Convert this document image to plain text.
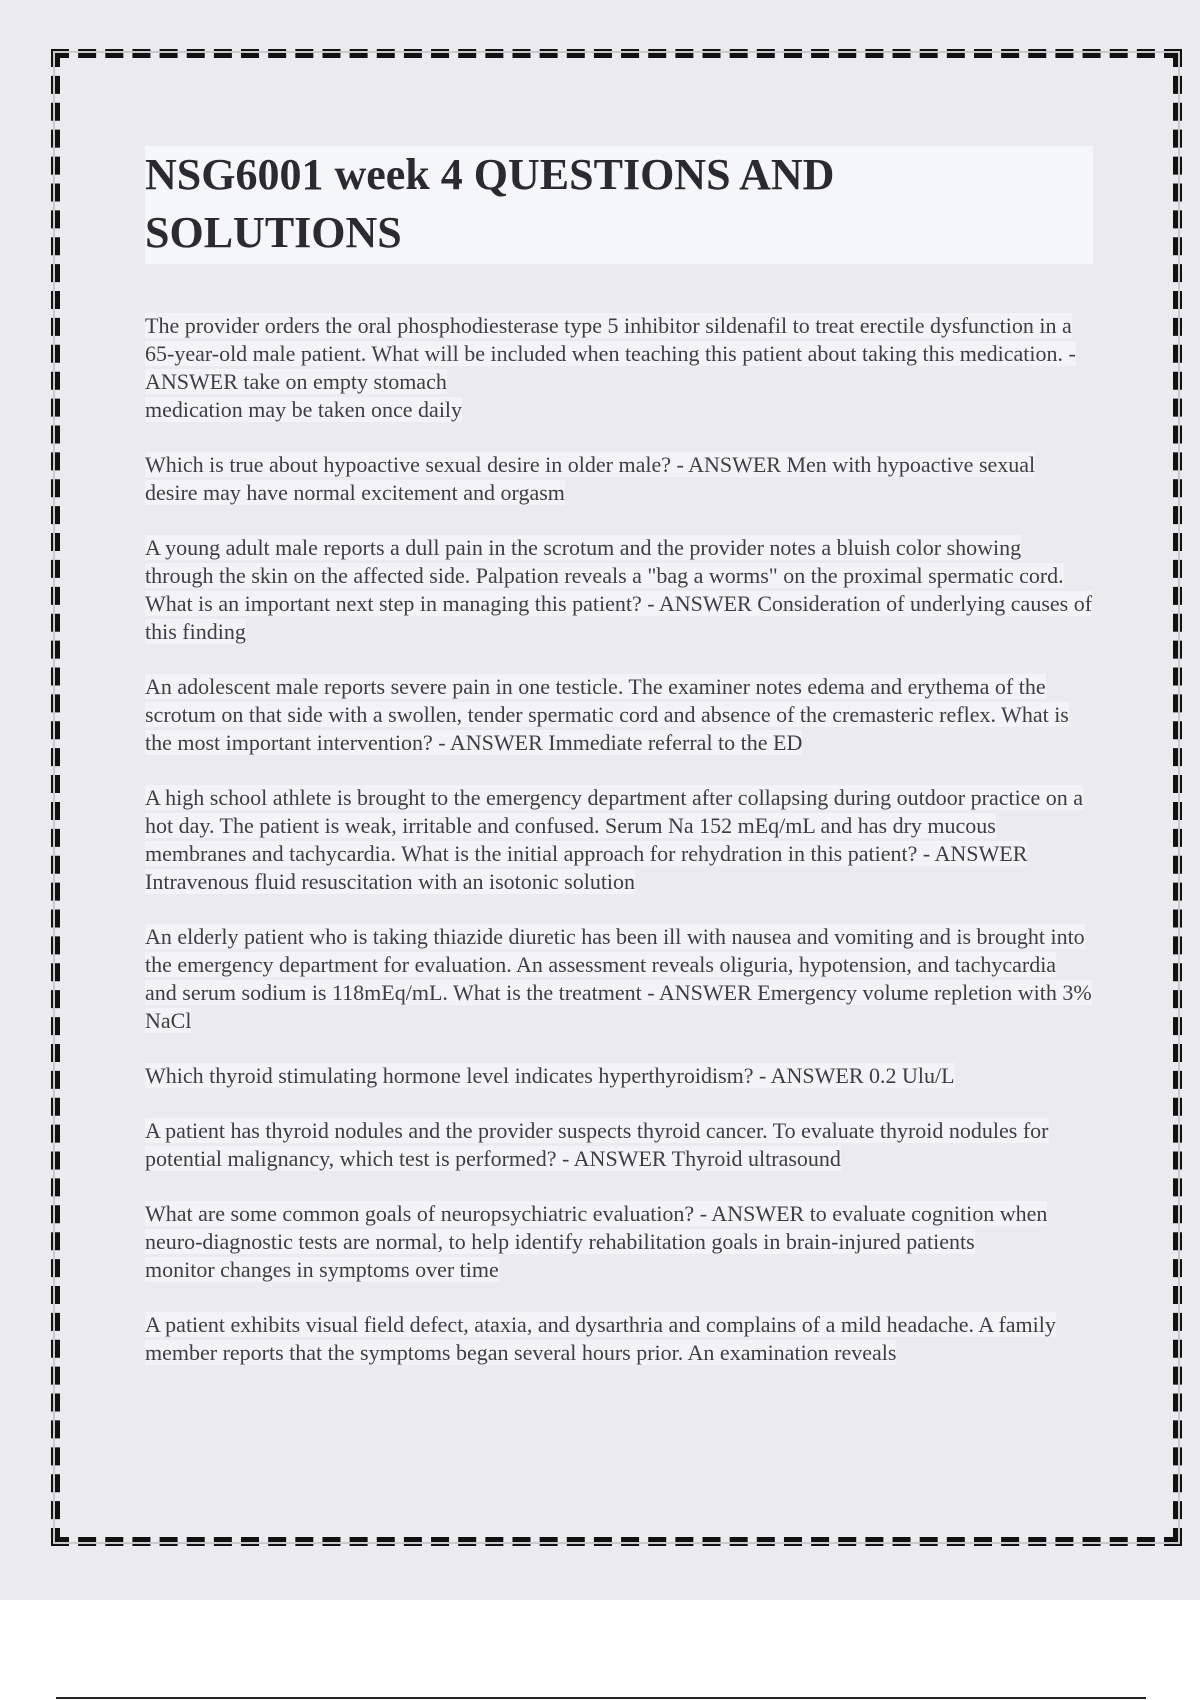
NSG6001 week 4 QUESTIONS AND SOLUTIONS

The provider orders the oral phosphodiesterase type 5 inhibitor sildenafil to treat erectile dysfunction in a 65-year-old male patient. What will be included when teaching this patient about taking this medication. - ANSWER take on empty stomach
medication may be taken once daily

Which is true about hypoactive sexual desire in older male? - ANSWER Men with hypoactive sexual desire may have normal excitement and orgasm

A young adult male reports a dull pain in the scrotum and the provider notes a bluish color showing through the skin on the affected side. Palpation reveals a "bag a worms" on the proximal spermatic cord. What is an important next step in managing this patient? - ANSWER Consideration of underlying causes of this finding

An adolescent male reports severe pain in one testicle. The examiner notes edema and erythema of the scrotum on that side with a swollen, tender spermatic cord and absence of the cremasteric reflex. What is the most important intervention? - ANSWER Immediate referral to the ED

A high school athlete is brought to the emergency department after collapsing during outdoor practice on a hot day. The patient is weak, irritable and confused. Serum Na 152 mEq/mL and has dry mucous membranes and tachycardia. What is the initial approach for rehydration in this patient? - ANSWER Intravenous fluid resuscitation with an isotonic solution

An elderly patient who is taking thiazide diuretic has been ill with nausea and vomiting and is brought into the emergency department for evaluation. An assessment reveals oliguria, hypotension, and tachycardia and serum sodium is 118mEq/mL. What is the treatment - ANSWER Emergency volume repletion with 3% NaCl

Which thyroid stimulating hormone level indicates hyperthyroidism? - ANSWER 0.2 Ulu/L

A patient has thyroid nodules and the provider suspects thyroid cancer. To evaluate thyroid nodules for potential malignancy, which test is performed? - ANSWER Thyroid ultrasound

What are some common goals of neuropsychiatric evaluation? - ANSWER to evaluate cognition when neuro-diagnostic tests are normal, to help identify rehabilitation goals in brain-injured patients
monitor changes in symptoms over time

A patient exhibits visual field defect, ataxia, and dysarthria and complains of a mild headache. A family member reports that the symptoms began several hours prior. An examination reveals
